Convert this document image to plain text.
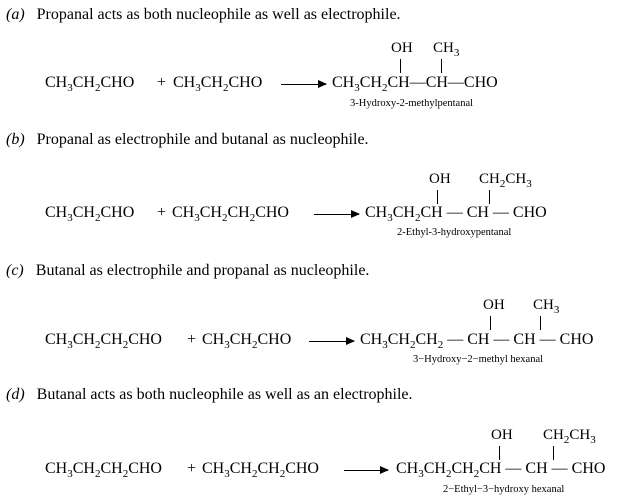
(a) Propanal acts as both nucleophile as well as electrophile.
$CH_3CH_2CHO + CH_3CH_2CHO$
OH $CH_3$
$CH_3CH_2CH—CH—CHO$
3-Hydroxy-2-methylpentanal
(b) Propanal as electrophile and butanal as nucleophile.
$CH_3CH_2CHO + CH_3CH_2CH_2CHO$
OH $CH_2CH_3$
$CH_3CH_2CH$ — CH — CHO
2-Ethyl-3-hydroxypentanal
(c) Butanal as electrophile and propanal as nucleophile.
$CH_3CH_2CH_2CHO + CH_3CH_2CHO$
OH $CH_3$
$CH_3CH_2CH_2$ — CH — CH — CHO
3−Hydroxy−2−methyl hexanal
(d) Butanal acts as both nucleophile as well as an electrophile.
$CH_3CH_2CH_2CHO + CH_3CH_2CH_2CHO$
OH $CH_2CH_3$
$CH_3CH_2CH_2CH$ — CH — CHO
2−Ethyl−3−hydroxy hexanal
